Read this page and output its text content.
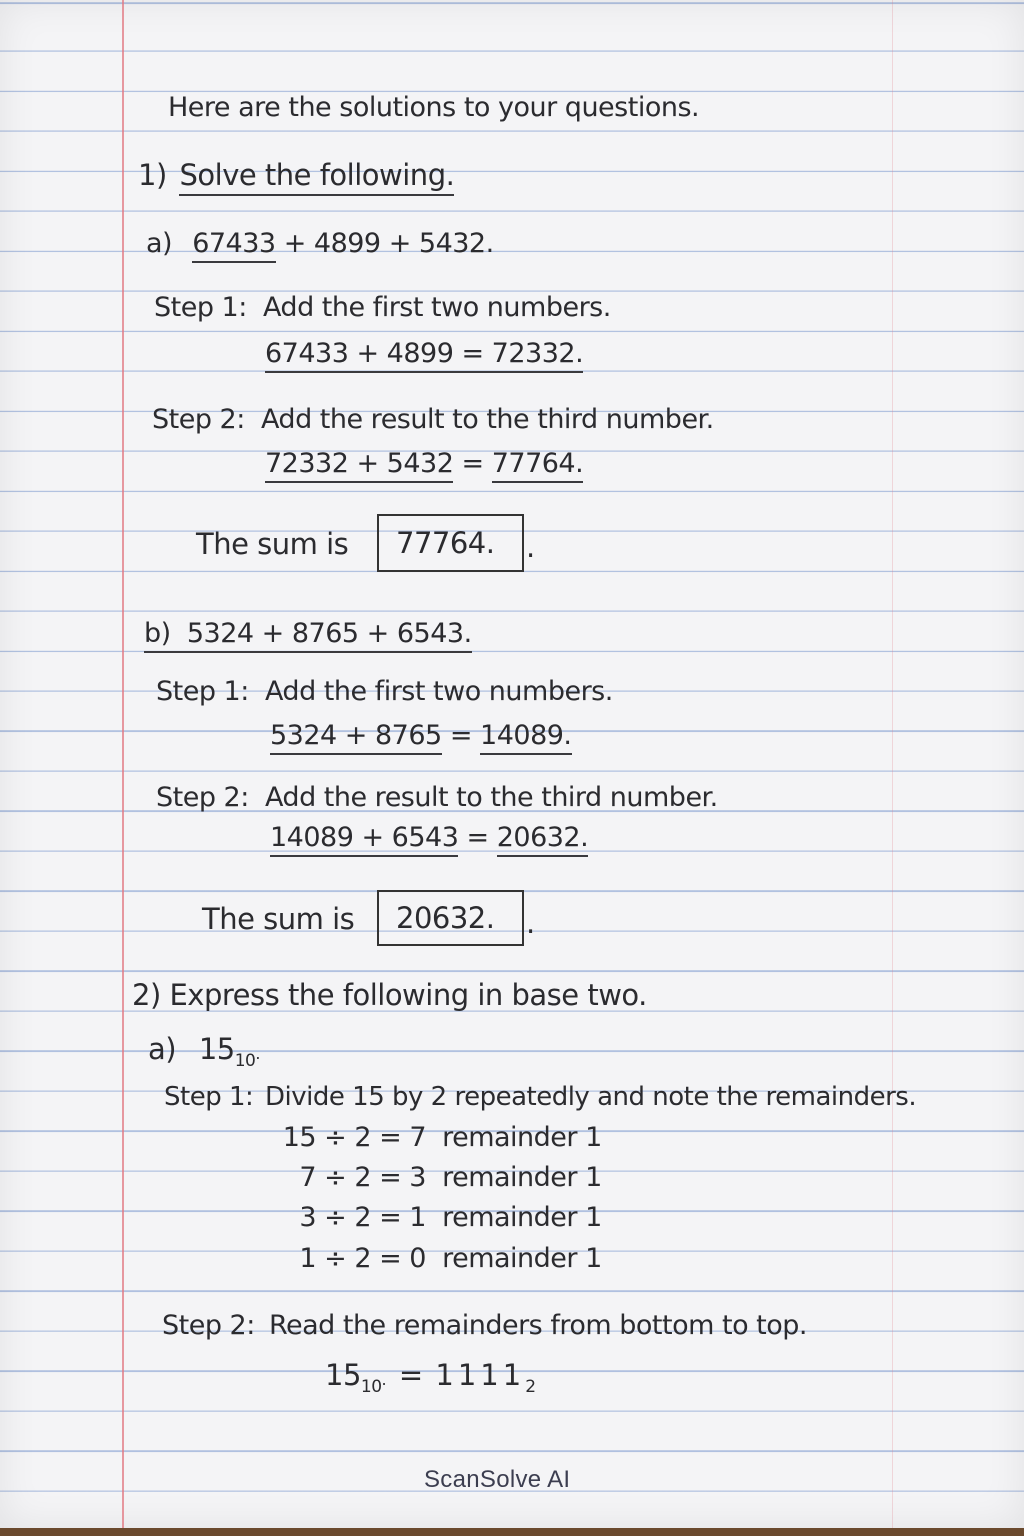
Here are the solutions to your questions.
1) Solve the following.
a) 67433 + 4899 + 5432.
Step 1: Add the first two numbers.
67433 + 4899 = 72332.
Step 2: Add the result to the third number.
72332 + 5432 = 77764.
The sum is 77764. .
b) 5324 + 8765 + 6543.
Step 1: Add the first two numbers.
5324 + 8765 = 14089.
Step 2: Add the result to the third number.
14089 + 6543 = 20632.
The sum is 20632. .
2) Express the following in base two.
a) $15_{10}$.
Step 1: Divide 15 by 2 repeatedly and note the remainders.
15 ÷ 2 = 7 remainder 1
7 ÷ 2 = 3 remainder 1
3 ÷ 2 = 1 remainder 1
1 ÷ 2 = 0 remainder 1
Step 2: Read the remainders from bottom to top.
$15_{10}$. = $1111_2$
ScanSolve AI
